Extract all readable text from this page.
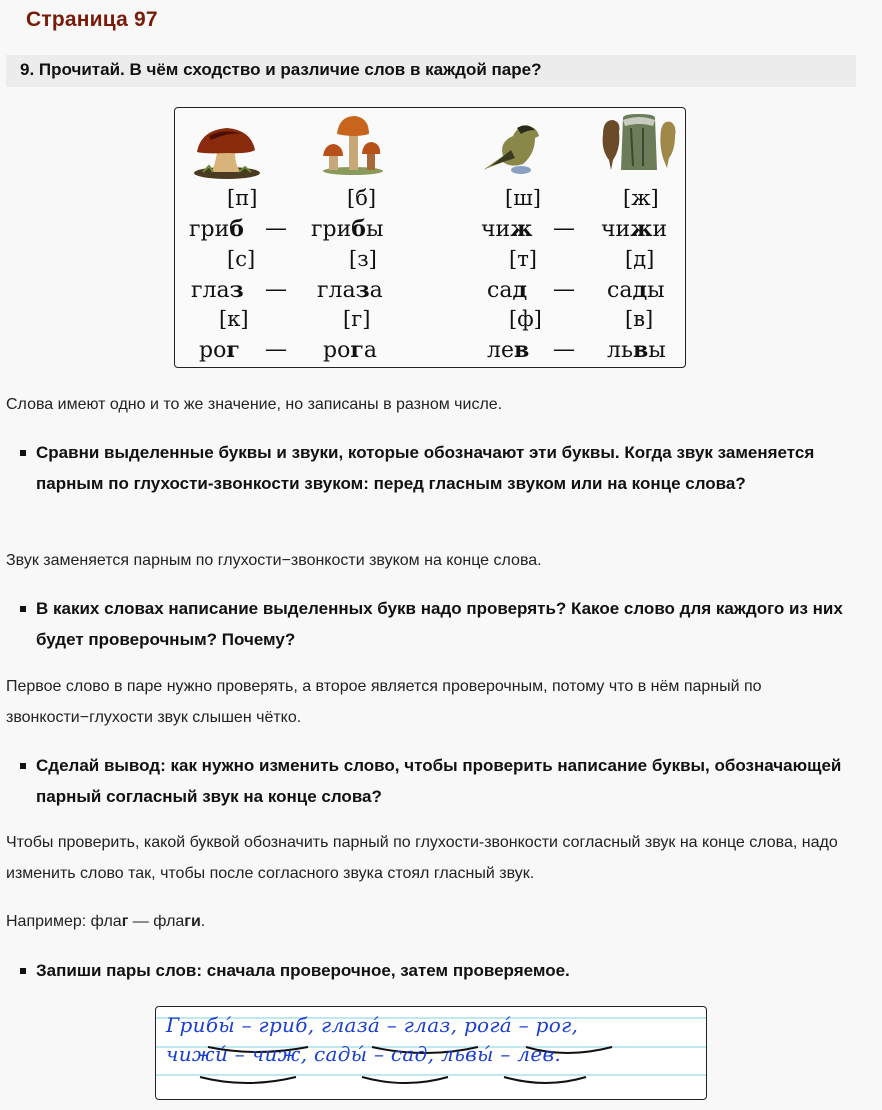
Страница 97
9. Прочитай. В чём сходство и различие слов в каждой паре?
[п]	[б]
гриб — грибы
[с]	[з]
глаз — глаза
[к]	[г]
рог — рога
[ш]	[ж]
чиж — чижи
[т]	[д]
сад — сады
[ф]	[в]
лев — львы
Слова имеют одно и то же значение, но записаны в разном числе.
Сравни выделенные буквы и звуки, которые обозначают эти буквы. Когда звук заменяется парным по глухости-звонкости звуком: перед гласным звуком или на конце слова?
Звук заменяется парным по глухости−звонкости звуком на конце слова.
В каких словах написание выделенных букв надо проверять? Какое слово для каждого из них будет проверочным? Почему?
Первое слово в паре нужно проверять, а второе является проверочным, потому что в нём парный по звонкости−глухости звук слышен чётко.
Сделай вывод: как нужно изменить слово, чтобы проверить написание буквы, обозначающей парный согласный звук на конце слова?
Чтобы проверить, какой буквой обозначить парный по глухости-звонкости согласный звук на конце слова, надо изменить слово так, чтобы после согласного звука стоял гласный звук.
Например: флаг — флаги.
Запиши пары слов: сначала проверочное, затем проверяемое.
Грибы́ – гриб, глаза́ – глаз, рога́ – рог,
чижи́ – чиж, сады́ – сад, львы́ – лев.
